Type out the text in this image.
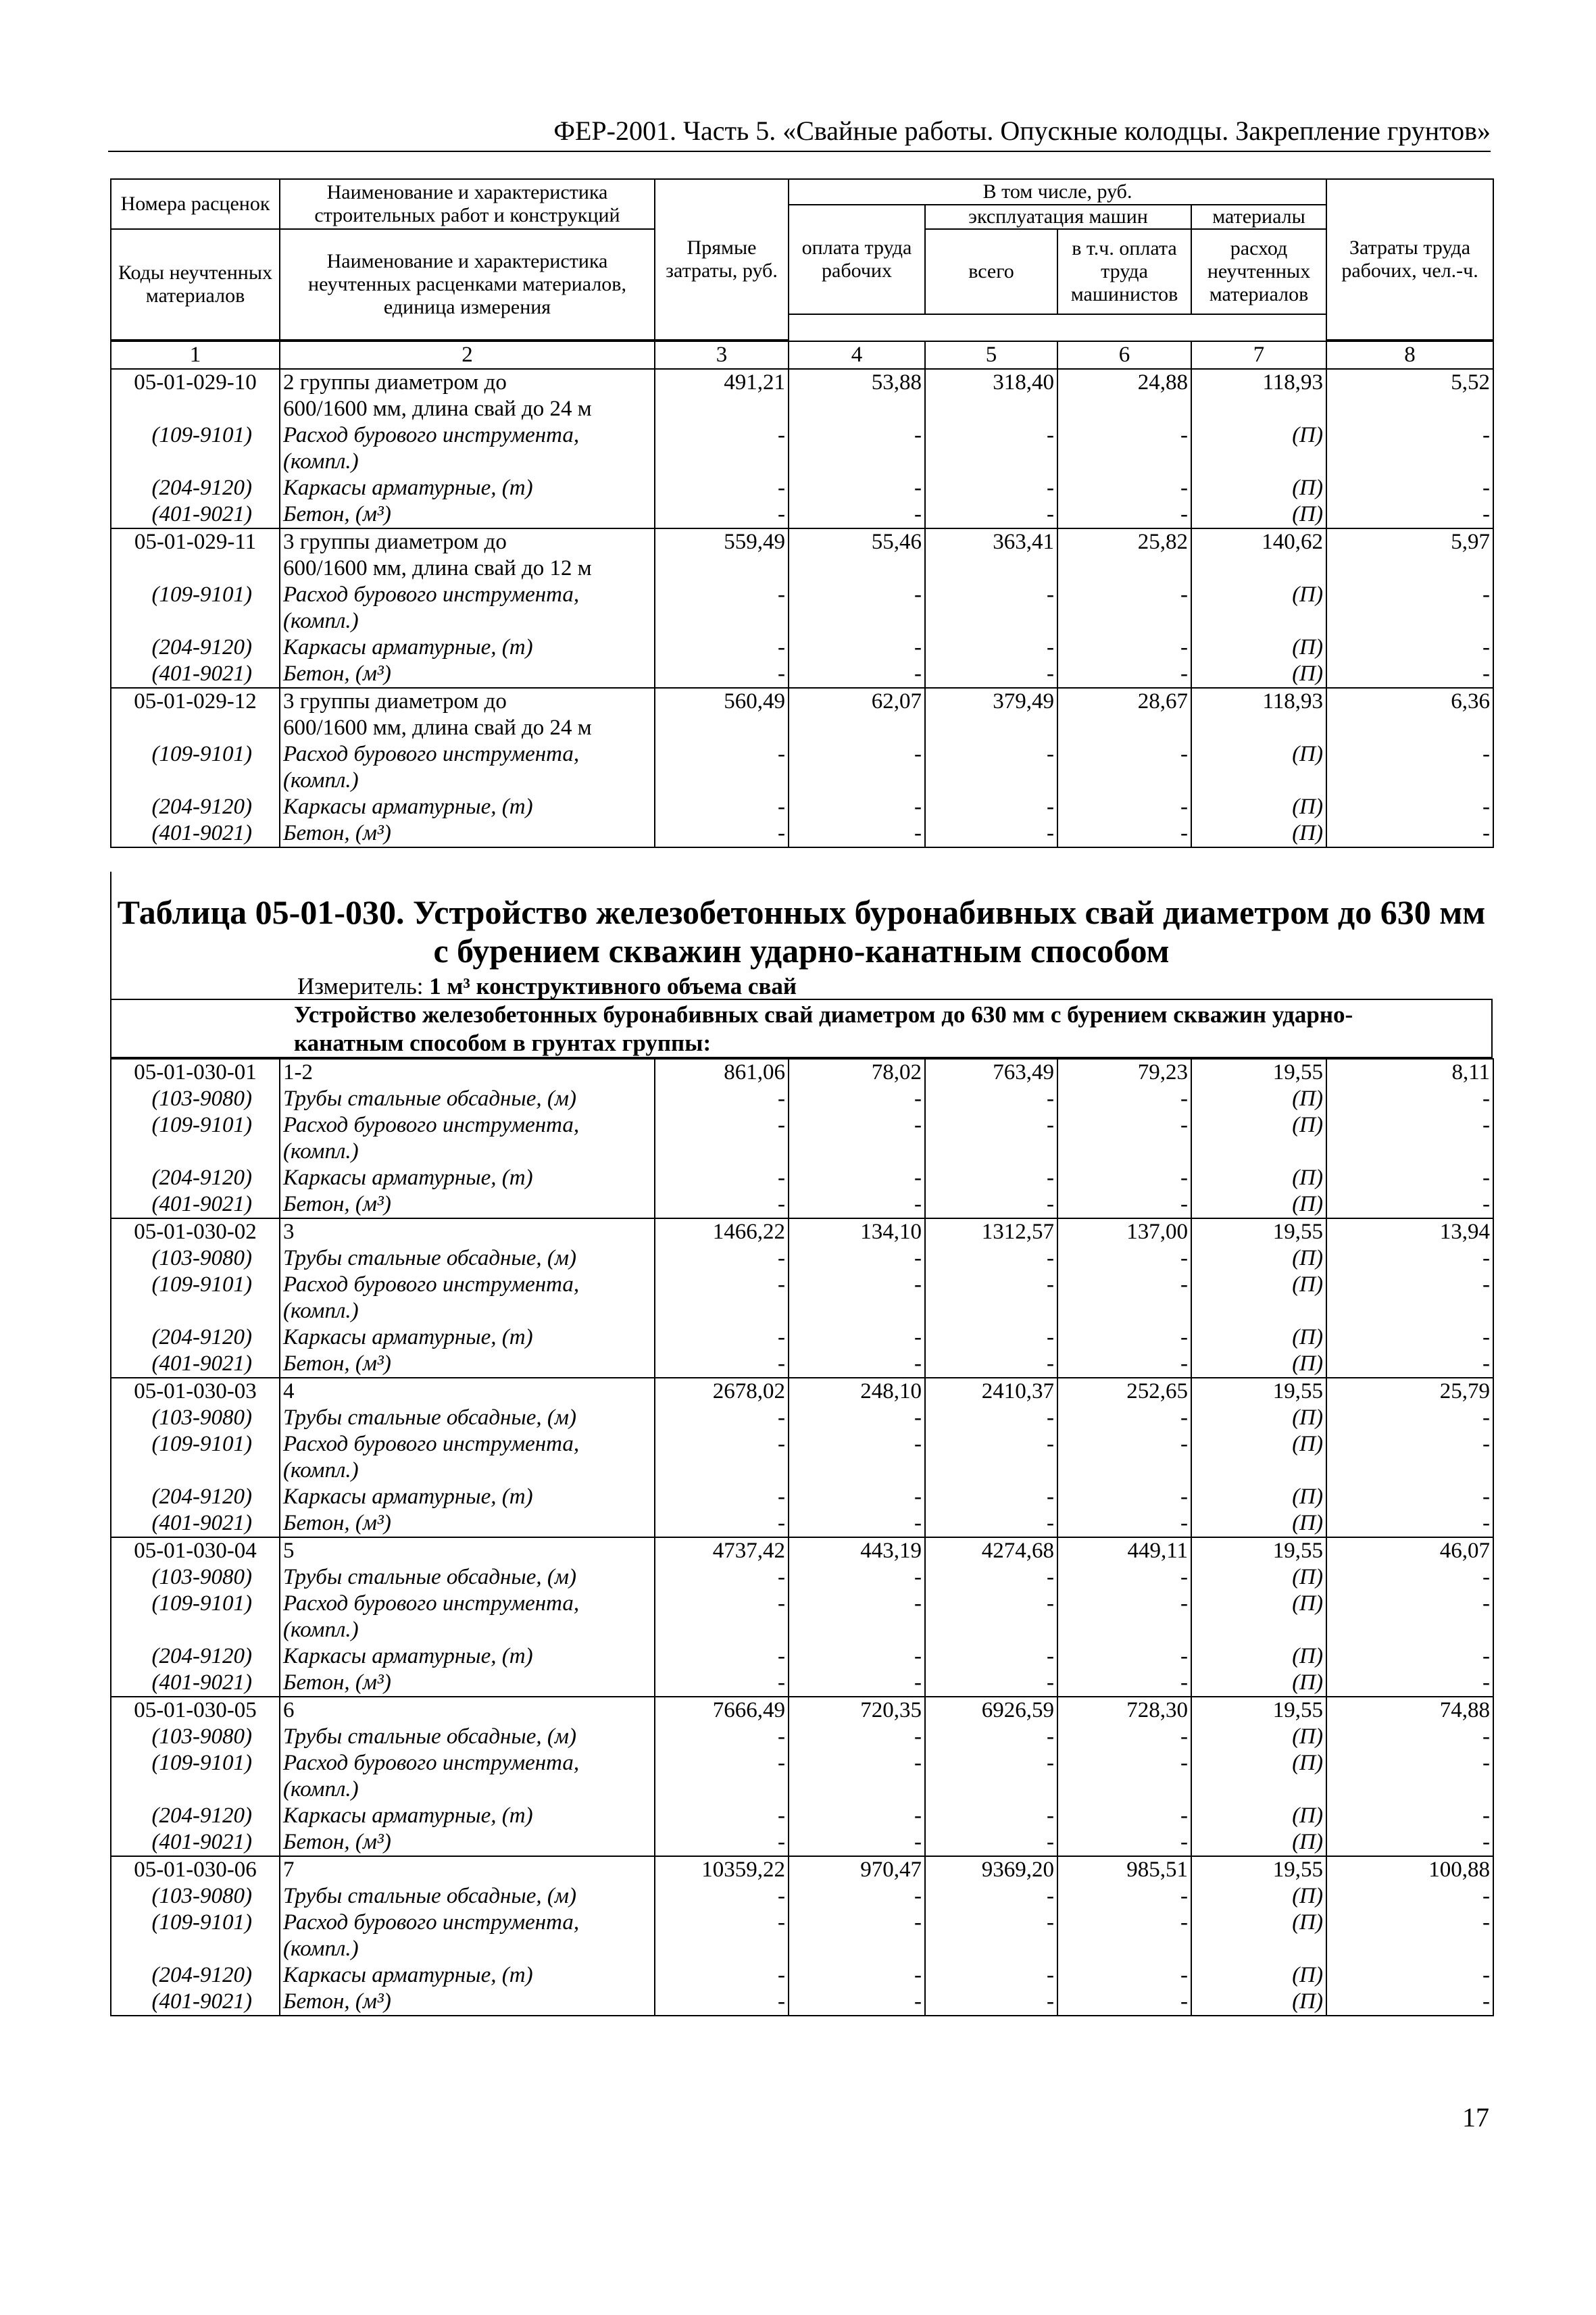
ФЕР-2001. Часть 5. «Свайные работы. Опускные колодцы. Закрепление грунтов»
Номера расценок	Наименование и характеристика строительных работ и конструкций	Прямые затраты, руб.	В том числе, руб.				Затраты труда рабочих, чел.-ч.
			оплата труда рабочих	эксплуатация машин		материалы	
Коды неучтенных материалов	Наименование и характеристика неучтенных расценками материалов, единица измерения			всего	в т.ч. оплата труда машинистов	расход неучтенных материалов	

1	2	3	4	5	6	7	8
05-01-029-10	2 группы диаметром до	491,21	53,88	318,40	24,88	118,93	5,52
	600/1600 мм, длина свай до 24 м						
(109-9101)	Расход бурового инструмента,	-	-	-	-	(П)	-
	(компл.)						
(204-9120)	Каркасы арматурные, (т)	-	-	-	-	(П)	-
(401-9021)	Бетон, (м³)	-	-	-	-	(П)	-
05-01-029-11	3 группы диаметром до	559,49	55,46	363,41	25,82	140,62	5,97
	600/1600 мм, длина свай до 12 м						
(109-9101)	Расход бурового инструмента,	-	-	-	-	(П)	-
	(компл.)						
(204-9120)	Каркасы арматурные, (т)	-	-	-	-	(П)	-
(401-9021)	Бетон, (м³)	-	-	-	-	(П)	-
05-01-029-12	3 группы диаметром до	560,49	62,07	379,49	28,67	118,93	6,36
	600/1600 мм, длина свай до 24 м						
(109-9101)	Расход бурового инструмента,	-	-	-	-	(П)	-
	(компл.)						
(204-9120)	Каркасы арматурные, (т)	-	-	-	-	(П)	-
(401-9021)	Бетон, (м³)	-	-	-	-	(П)	-
Таблица 05-01-030. Устройство железобетонных буронабивных свай диаметром до 630 мм
с бурением скважин ударно-канатным способом
Измеритель: 1 м³ конструктивного объема свай
Устройство железобетонных буронабивных свай диаметром до 630 мм с бурением скважин ударно-
канатным способом в грунтах группы:
05-01-030-01	1-2	861,06	78,02	763,49	79,23	19,55	8,11
(103-9080)	Трубы стальные обсадные, (м)	-	-	-	-	(П)	-
(109-9101)	Расход бурового инструмента,	-	-	-	-	(П)	-
	(компл.)						
(204-9120)	Каркасы арматурные, (т)	-	-	-	-	(П)	-
(401-9021)	Бетон, (м³)	-	-	-	-	(П)	-
05-01-030-02	3	1466,22	134,10	1312,57	137,00	19,55	13,94
(103-9080)	Трубы стальные обсадные, (м)	-	-	-	-	(П)	-
(109-9101)	Расход бурового инструмента,	-	-	-	-	(П)	-
	(компл.)						
(204-9120)	Каркасы арматурные, (т)	-	-	-	-	(П)	-
(401-9021)	Бетон, (м³)	-	-	-	-	(П)	-
05-01-030-03	4	2678,02	248,10	2410,37	252,65	19,55	25,79
(103-9080)	Трубы стальные обсадные, (м)	-	-	-	-	(П)	-
(109-9101)	Расход бурового инструмента,	-	-	-	-	(П)	-
	(компл.)						
(204-9120)	Каркасы арматурные, (т)	-	-	-	-	(П)	-
(401-9021)	Бетон, (м³)	-	-	-	-	(П)	-
05-01-030-04	5	4737,42	443,19	4274,68	449,11	19,55	46,07
(103-9080)	Трубы стальные обсадные, (м)	-	-	-	-	(П)	-
(109-9101)	Расход бурового инструмента,	-	-	-	-	(П)	-
	(компл.)						
(204-9120)	Каркасы арматурные, (т)	-	-	-	-	(П)	-
(401-9021)	Бетон, (м³)	-	-	-	-	(П)	-
05-01-030-05	6	7666,49	720,35	6926,59	728,30	19,55	74,88
(103-9080)	Трубы стальные обсадные, (м)	-	-	-	-	(П)	-
(109-9101)	Расход бурового инструмента,	-	-	-	-	(П)	-
	(компл.)						
(204-9120)	Каркасы арматурные, (т)	-	-	-	-	(П)	-
(401-9021)	Бетон, (м³)	-	-	-	-	(П)	-
05-01-030-06	7	10359,22	970,47	9369,20	985,51	19,55	100,88
(103-9080)	Трубы стальные обсадные, (м)	-	-	-	-	(П)	-
(109-9101)	Расход бурового инструмента,	-	-	-	-	(П)	-
	(компл.)						
(204-9120)	Каркасы арматурные, (т)	-	-	-	-	(П)	-
(401-9021)	Бетон, (м³)	-	-	-	-	(П)	-
17
